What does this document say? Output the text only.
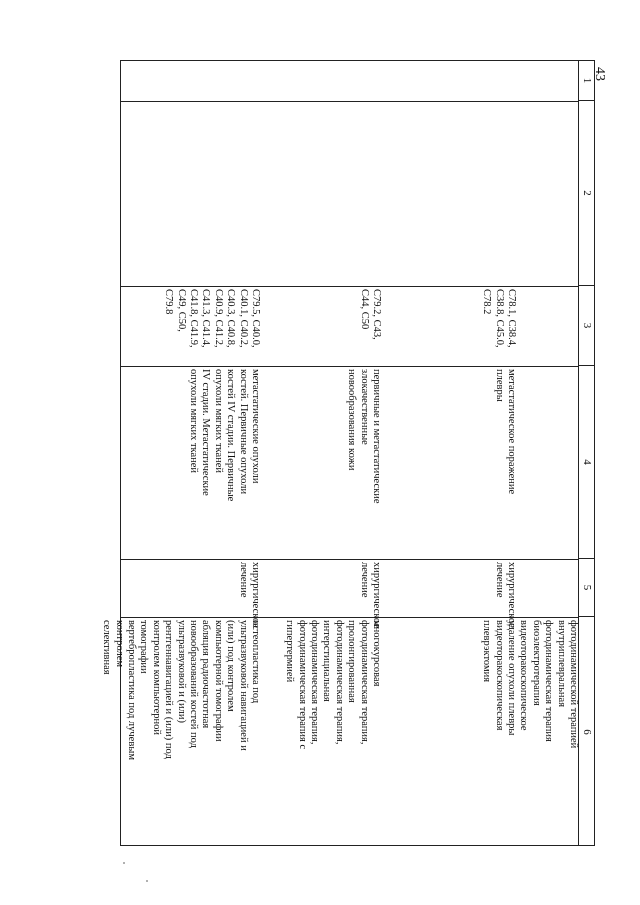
43
1
2
3
4
5
6
C78.1, C38.4,
C38.8, C45.0,
C78.2
метастатическое поражение
плевры
хирургическое
лечение
фотодинамической терапией
внутриплевральная
фотодинамическая терапия
биоэлектротерапия
видеоторакоскопическое
удаление опухоли плевры
видеоторакоскопическая
плеврэктомия
C79.2, C43,
C44, C50
первичные и метастатические
злокачественные
новообразования кожи
хирургическое
лечение
многокурсовая
фотодинамическая терапия,
пролонгированная
фотодинамическая терапия,
интерстициальная
фотодинамическая терапия,
фотодинамическая терапия с
гипертермией
C79.5, C40.0,
C40.1, C40.2,
C40.3, C40.8,
C40.9, C41.2,
C41.3, C41.4,
C41.8, C41.9,
C49, C50,
C79.8
метастатические опухоли
костей. Первичные опухоли
костей IV стадии. Первичные
опухоли мягких тканей
IV стадии. Метастатические
опухоли мягких тканей
хирургическое
лечение
остеопластика под
ультразвуковой навигацией и
(или) под контролем
компьютерной томографии
абляция радиочастотная
новообразований костей под
ультразвуковой и (или)
рентгеннавигацией и (или) под
контролем компьютерной
томографии
вертебропластика под лучевым
контролем
селективная
